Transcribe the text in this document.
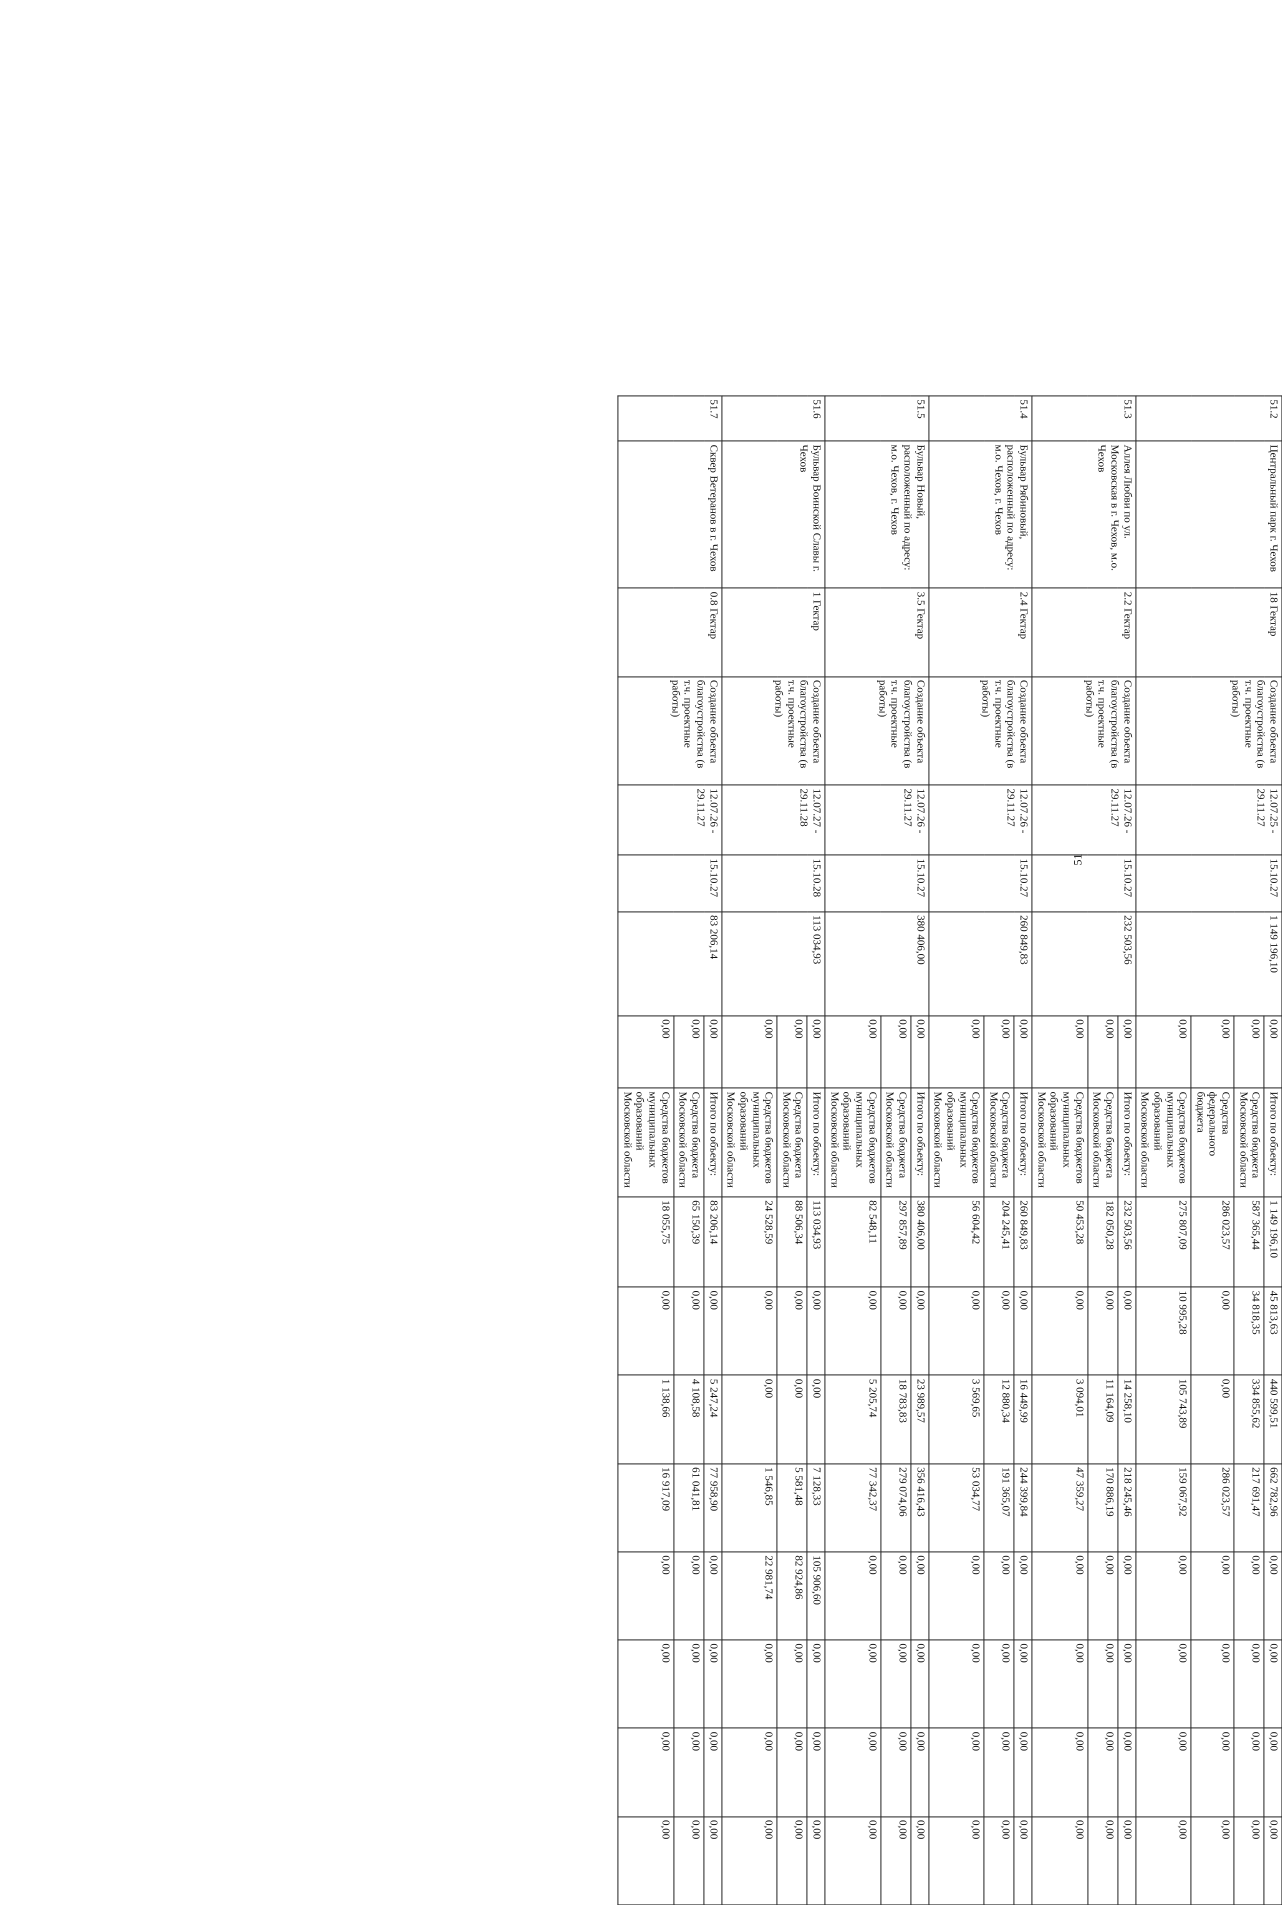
51.2	Центральный парк г. Чехов	18 Гектар	Создание объекта благоустройства (в т.ч. проектные работы)	12.07.25 - 29.11.27	15.10.27	1 149 196,10	0,00	Итого по объекту:	1 149 196,10	45 813,63	440 599,51	662 782,96	0,00	0,00	0,00	0,00
							0,00	Средства бюджета Московской области	587 365,44	34 818,35	334 855,62	217 691,47	0,00	0,00	0,00	0,00
							0,00	Средства федерального бюджета	286 023,57	0,00	0,00	286 023,57	0,00	0,00	0,00	0,00
							0,00	Средства бюджетов муниципальных образований Московской области	275 807,09	10 995,28	105 743,89	159 067,92	0,00	0,00	0,00	0,00
51.3	Аллея Любви по ул. Московская в г. Чехов, м.о. Чехов	2.2 Гектар	Создание объекта благоустройства (в т.ч. проектные работы)	12.07.26 - 29.11.27	15.10.27	232 503,56	0,00	Итого по объекту:	232 503,56	0,00	14 258,10	218 245,46	0,00	0,00	0,00	0,00
							0,00	Средства бюджета Московской области	182 050,28	0,00	11 164,09	170 886,19	0,00	0,00	0,00	0,00
							0,00	Средства бюджетов муниципальных образований Московской области	50 453,28	0,00	3 094,01	47 359,27	0,00	0,00	0,00	0,00
51.4	Бульвар Рябиновый, расположенный по адресу: м.о. Чехов, г. Чехов	2.4 Гектар	Создание объекта благоустройства (в т.ч. проектные работы)	12.07.26 - 29.11.27	15.10.27	260 849,83	0,00	Итого по объекту:	260 849,83	0,00	16 449,99	244 399,84	0,00	0,00	0,00	0,00
							0,00	Средства бюджета Московской области	204 245,41	0,00	12 880,34	191 365,07	0,00	0,00	0,00	0,00
							0,00	Средства бюджетов муниципальных образований Московской области	56 604,42	0,00	3 569,65	53 034,77	0,00	0,00	0,00	0,00
51.5	Бульвар Новый, расположенный по адресу: м.о. Чехов, г. Чехов	3.5 Гектар	Создание объекта благоустройства (в т.ч. проектные работы)	12.07.26 - 29.11.27	15.10.27	380 406,00	0,00	Итого по объекту:	380 406,00	0,00	23 989,57	356 416,43	0,00	0,00	0,00	0,00
							0,00	Средства бюджета Московской области	297 857,89	0,00	18 783,83	279 074,06	0,00	0,00	0,00	0,00
							0,00	Средства бюджетов муниципальных образований Московской области	82 548,11	0,00	5 205,74	77 342,37	0,00	0,00	0,00	0,00
51.6	Бульвар Воинской Славы г. Чехов	1 Гектар	Создание объекта благоустройства (в т.ч. проектные работы)	12.07.27 - 29.11.28	15.10.28	113 034,93	0,00	Итого по объекту:	113 034,93	0,00	0,00	7 128,33	105 906,60	0,00	0,00	0,00
							0,00	Средства бюджета Московской области	88 506,34	0,00	0,00	5 581,48	82 924,86	0,00	0,00	0,00
							0,00	Средства бюджетов муниципальных образований Московской области	24 528,59	0,00	0,00	1 546,85	22 981,74	0,00	0,00	0,00
51.7	Сквер Ветеранов в г. Чехов	0.8 Гектар	Создание объекта благоустройства (в т.ч. проектные работы)	12.07.26 - 29.11.27	15.10.27	83 206,14	0,00	Итого по объекту:	83 206,14	0,00	5 247,24	77 958,90	0,00	0,00	0,00	0,00
							0,00	Средства бюджета Московской области	65 150,39	0,00	4 108,58	61 041,81	0,00	0,00	0,00	0,00
							0,00	Средства бюджетов муниципальных образований Московской области	18 055,75	0,00	1 138,66	16 917,09	0,00	0,00	0,00	0,00
51
